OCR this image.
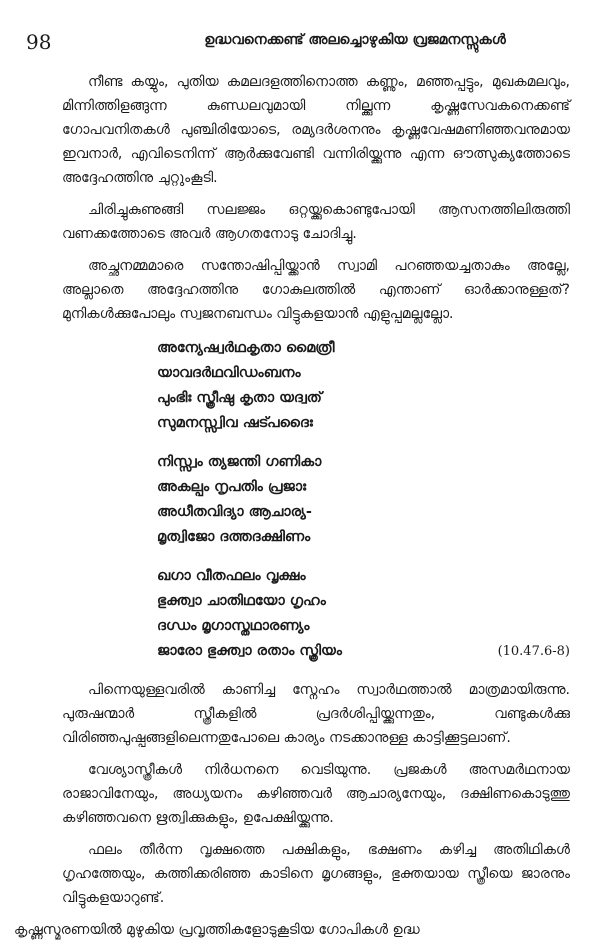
98	ഉദ്ധവനെക്കണ്ട് അലച്ചൊഴുകിയ വ്രജമനസ്സുകൾ

നീണ്ട കയ്യും, പുതിയ കമലദളത്തിനൊത്ത കണ്ണും, മഞ്ഞപ്പട്ടും, മുഖകമലവും, മിന്നിത്തിളങ്ങുന്ന കുണ്ഡലവുമായി നില്ക്കുന്ന കൃഷ്ണസേവകനെക്കണ്ട് ഗോപവനിതകൾ പുഞ്ചിരിയോടെ, രമ്യദർശനനും കൃഷ്ണവേഷമണിഞ്ഞവനുമായ ഇവനാർ, എവിടെനിന്ന് ആർക്കുവേണ്ടി വന്നിരിയ്ക്കുന്നു എന്ന ഔത്സുക്യത്തോടെ അദ്ദേഹത്തിനു ചുറ്റുംകൂടി.

ചിരിച്ചുകുണുങ്ങി സലജ്ജം ഒറ്റയ്ക്കുകൊണ്ടുപോയി ആസനത്തിലിരുത്തി വണക്കത്തോടെ അവർ ആഗതനോടു ചോദിച്ചു.

അച്ഛനമ്മമാരെ സന്തോഷിപ്പിയ്ക്കാൻ സ്വാമി പറഞ്ഞയച്ചതാകും അല്ലേ, അല്ലാതെ അദ്ദേഹത്തിനു ഗോകുലത്തിൽ എന്താണ് ഓർക്കാനുള്ളത്? മുനികൾക്കുപോലും സ്വജനബന്ധം വിട്ടുകളയാൻ എളുപ്പമല്ലല്ലോ.

അന്യേഷ്വർഥകൃതാ മൈത്രീ
യാവദർഥവിഡംബനം
പുംഭിഃ സ്ത്രീഷു കൃതാ യദ്വത്
സുമനസ്സ്വിവ ഷട്പദൈഃ
നിസ്സ്വം ത്യജന്തി ഗണികാ
അകല്പം നൃപതിം പ്രജാഃ
അധീതവിദ്യാ ആചാര്യ-
മൃത്വിജോ ദത്തദക്ഷിണം
ഖഗാ വീതഫലം വൃക്ഷം
ഭുക്ത്വാ ചാതിഥയോ ഗൃഹം
ദഗ്ധം മൃഗാസ്തഥാരണ്യം
ജാരോ ഭുക്ത്വാ രതാം സ്ത്രിയം	(10.47.6-8)

പിന്നെയുള്ളവരിൽ കാണിച്ച സ്നേഹം സ്വാർഥത്താൽ മാത്രമായിരുന്നു. പുരുഷന്മാർ സ്ത്രീകളിൽ പ്രദർശിപ്പിയ്ക്കുന്നതും, വണ്ടുകൾക്കു വിരിഞ്ഞപുഷ്പങ്ങളിലെന്നതുപോലെ കാര്യം നടക്കാനുള്ള കാട്ടിക്കൂട്ടലാണ്.

വേശ്യാസ്ത്രീകൾ നിർധനനെ വെടിയുന്നു. പ്രജകൾ അസമർഥനായ രാജാവിനേയും, അധ്യയനം കഴിഞ്ഞവർ ആചാര്യനേയും, ദക്ഷിണകൊടുത്തു കഴിഞ്ഞവനെ ഋത്വിക്കുകളും, ഉപേക്ഷിയ്ക്കുന്നു.

ഫലം തീർന്ന വൃക്ഷത്തെ പക്ഷികളും, ഭക്ഷണം കഴിച്ച അതിഥികൾ ഗൃഹത്തേയും, കത്തിക്കരിഞ്ഞ കാടിനെ മൃഗങ്ങളും, ഭുക്തയായ സ്ത്രീയെ ജാരനും വിട്ടുകളയാറുണ്ട്.

കൃഷ്ണസ്മരണയിൽ മുഴുകിയ പ്രവൃത്തികളോടുകൂടിയ ഗോപികൾ ഉദ്ധ
